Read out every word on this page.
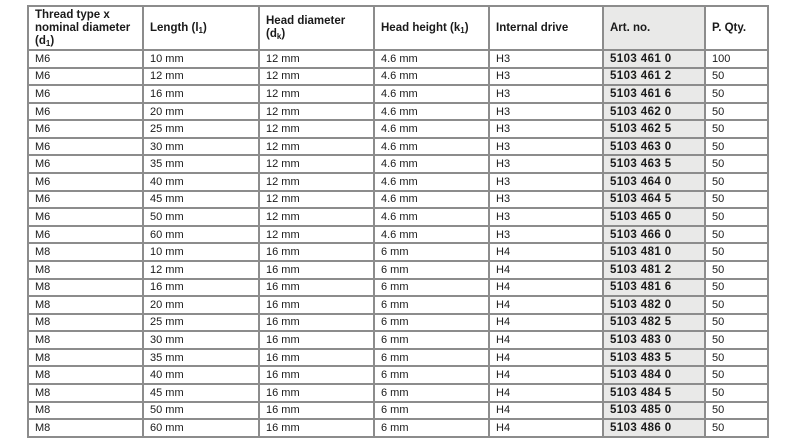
Thread type x
nominal diameter
$(d_1)$	Length $(l_1)$	Head diameter $(d_k)$	Head height $(k_1)$	Internal drive	Art. no.	P. Qty.
M6	10 mm	12 mm	4.6 mm	H3	5103 461 0	100
M6	12 mm	12 mm	4.6 mm	H3	5103 461 2	50
M6	16 mm	12 mm	4.6 mm	H3	5103 461 6	50
M6	20 mm	12 mm	4.6 mm	H3	5103 462 0	50
M6	25 mm	12 mm	4.6 mm	H3	5103 462 5	50
M6	30 mm	12 mm	4.6 mm	H3	5103 463 0	50
M6	35 mm	12 mm	4.6 mm	H3	5103 463 5	50
M6	40 mm	12 mm	4.6 mm	H3	5103 464 0	50
M6	45 mm	12 mm	4.6 mm	H3	5103 464 5	50
M6	50 mm	12 mm	4.6 mm	H3	5103 465 0	50
M6	60 mm	12 mm	4.6 mm	H3	5103 466 0	50
M8	10 mm	16 mm	6 mm	H4	5103 481 0	50
M8	12 mm	16 mm	6 mm	H4	5103 481 2	50
M8	16 mm	16 mm	6 mm	H4	5103 481 6	50
M8	20 mm	16 mm	6 mm	H4	5103 482 0	50
M8	25 mm	16 mm	6 mm	H4	5103 482 5	50
M8	30 mm	16 mm	6 mm	H4	5103 483 0	50
M8	35 mm	16 mm	6 mm	H4	5103 483 5	50
M8	40 mm	16 mm	6 mm	H4	5103 484 0	50
M8	45 mm	16 mm	6 mm	H4	5103 484 5	50
M8	50 mm	16 mm	6 mm	H4	5103 485 0	50
M8	60 mm	16 mm	6 mm	H4	5103 486 0	50
